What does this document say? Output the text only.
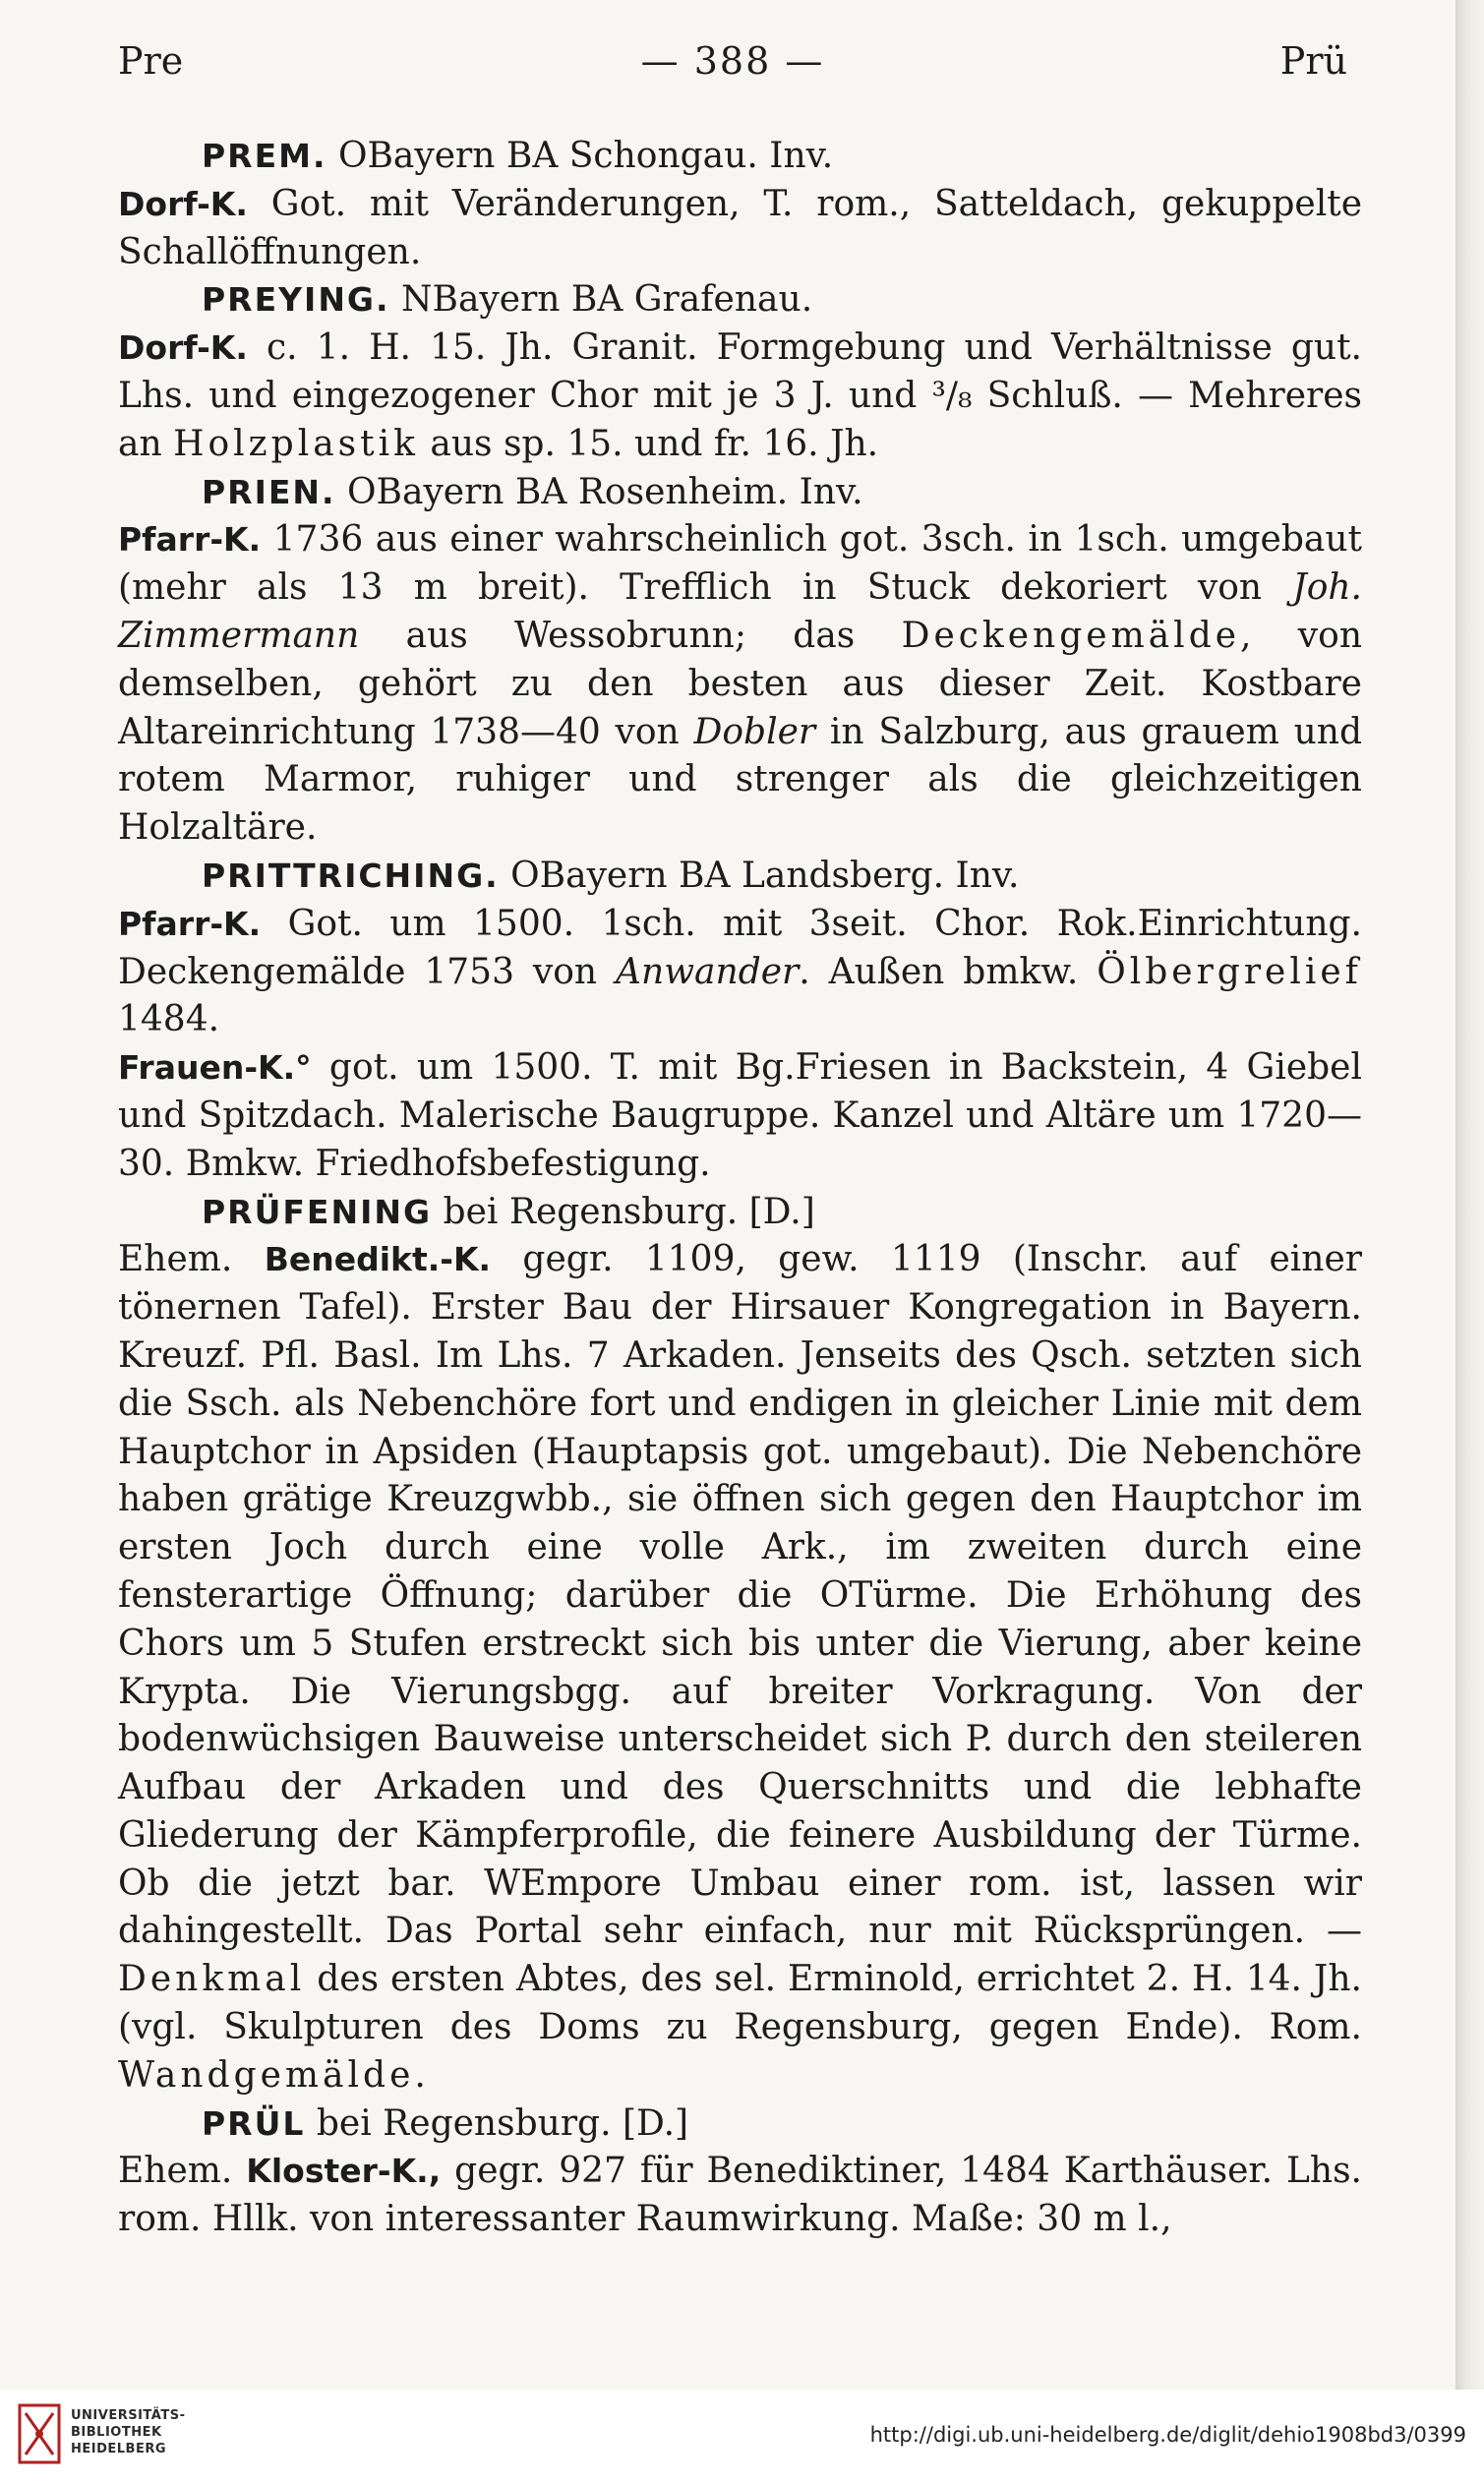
Pre	— 388 —	Prü

PREM. OBayern BA Schongau. Inv.

Dorf-K. Got. mit Veränderungen, T. rom., Satteldach, gekuppelte Schallöffnungen.

PREYING. NBayern BA Grafenau.

Dorf-K. c. 1. H. 15. Jh. Granit. Formgebung und Verhältnisse gut. Lhs. und eingezogener Chor mit je 3 J. und ³/₈ Schluß. — Mehreres an Holzplastik aus sp. 15. und fr. 16. Jh.

PRIEN. OBayern BA Rosenheim. Inv.

Pfarr-K. 1736 aus einer wahrscheinlich got. 3sch. in 1sch. umgebaut (mehr als 13 m breit). Trefflich in Stuck dekoriert von Joh. Zimmermann aus Wessobrunn; das Deckengemälde, von demselben, gehört zu den besten aus dieser Zeit. Kostbare Altareinrichtung 1738—40 von Dobler in Salzburg, aus grauem und rotem Marmor, ruhiger und strenger als die gleichzeitigen Holzaltäre.

PRITTRICHING. OBayern BA Landsberg. Inv.

Pfarr-K. Got. um 1500. 1sch. mit 3seit. Chor. Rok.Einrichtung. Deckengemälde 1753 von Anwander. Außen bmkw. Ölbergrelief 1484.

Frauen-K.° got. um 1500. T. mit Bg.Friesen in Backstein, 4 Giebel und Spitzdach. Malerische Baugruppe. Kanzel und Altäre um 1720—30. Bmkw. Friedhofsbefestigung.

PRÜFENING bei Regensburg. [D.]

Ehem. Benedikt.-K. gegr. 1109, gew. 1119 (Inschr. auf einer tönernen Tafel). Erster Bau der Hirsauer Kongregation in Bayern. Kreuzf. Pfl. Basl. Im Lhs. 7 Arkaden. Jenseits des Qsch. setzten sich die Ssch. als Nebenchöre fort und endigen in gleicher Linie mit dem Hauptchor in Apsiden (Hauptapsis got. umgebaut). Die Nebenchöre haben grätige Kreuzgwbb., sie öffnen sich gegen den Hauptchor im ersten Joch durch eine volle Ark., im zweiten durch eine fensterartige Öffnung; darüber die OTürme. Die Erhöhung des Chors um 5 Stufen erstreckt sich bis unter die Vierung, aber keine Krypta. Die Vierungsbgg. auf breiter Vorkragung. Von der bodenwüchsigen Bauweise unterscheidet sich P. durch den steileren Aufbau der Arkaden und des Querschnitts und die lebhafte Gliederung der Kämpferprofile, die feinere Ausbildung der Türme. Ob die jetzt bar. WEmpore Umbau einer rom. ist, lassen wir dahingestellt. Das Portal sehr einfach, nur mit Rücksprüngen. — Denkmal des ersten Abtes, des sel. Erminold, errichtet 2. H. 14. Jh. (vgl. Skulpturen des Doms zu Regensburg, gegen Ende). Rom. Wandgemälde.

PRÜL bei Regensburg. [D.]

Ehem. Kloster-K., gegr. 927 für Benediktiner, 1484 Karthäuser. Lhs. rom. Hllk. von interessanter Raumwirkung. Maße: 30 m l.,

UNIVERSITÄTS-
BIBLIOTHEK
HEIDELBERG
http://digi.ub.uni-heidelberg.de/diglit/dehio1908bd3/0399
